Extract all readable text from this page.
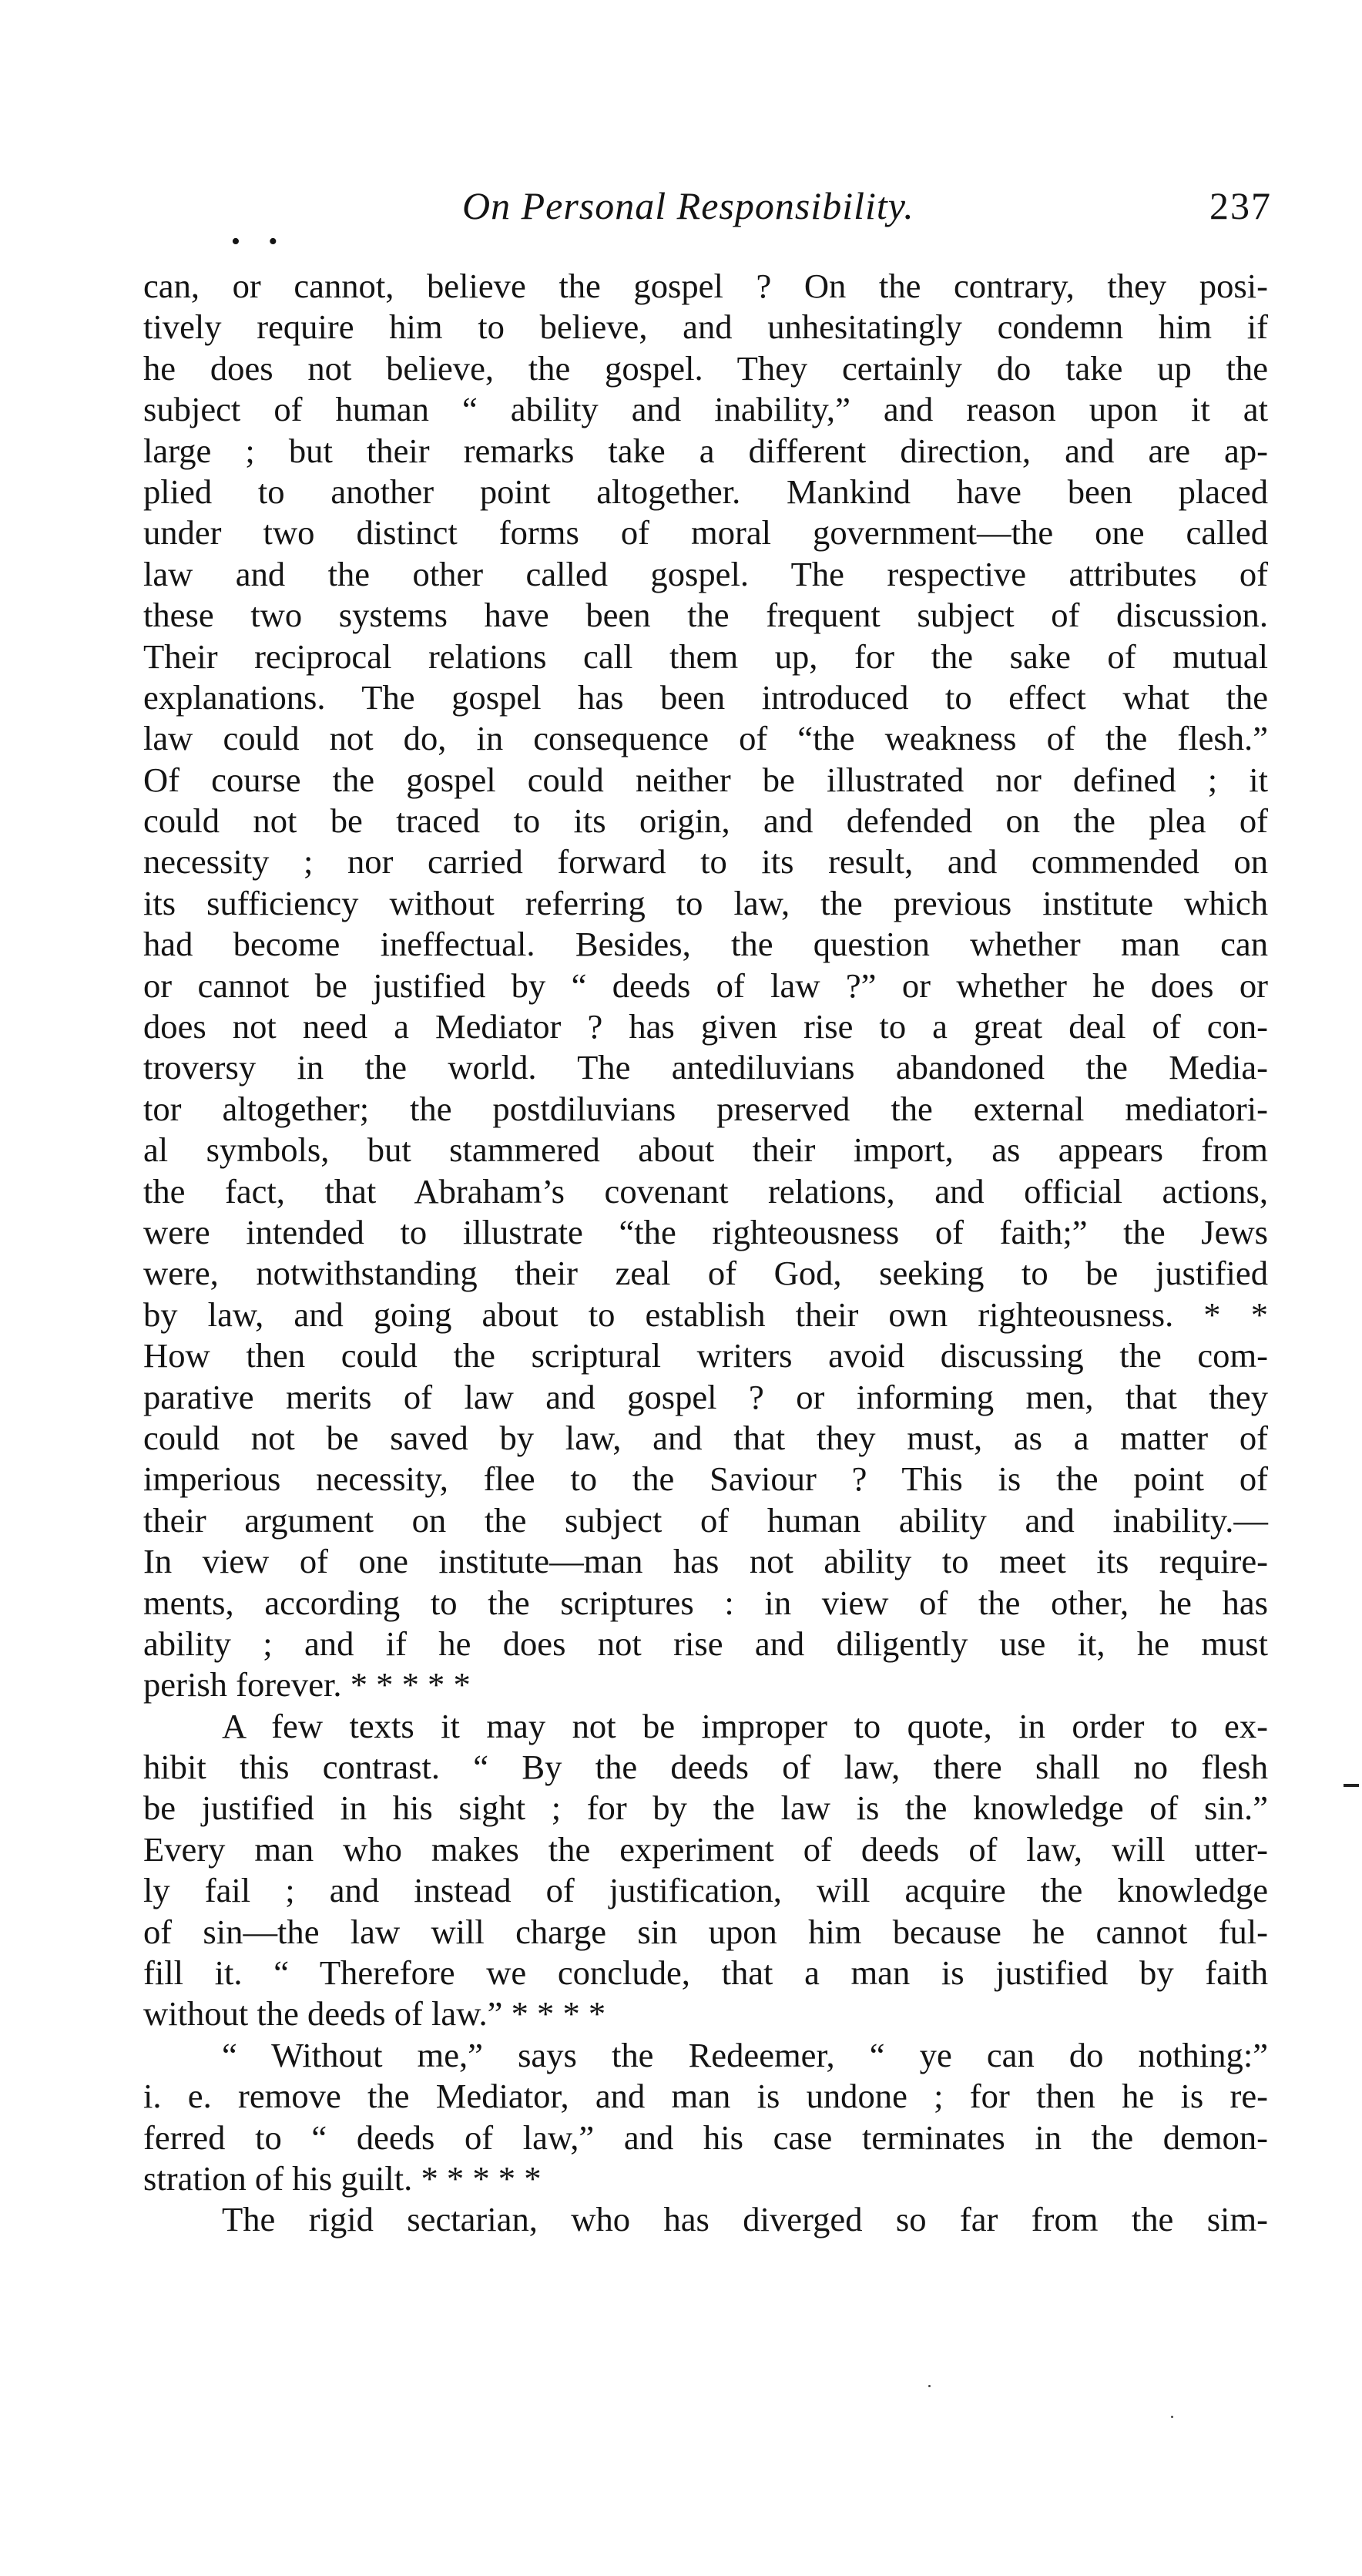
On Personal Responsibility.	237
• •
can, or cannot, believe the gospel ? On the contrary, they posi-
tively require him to believe, and unhesitatingly condemn him if
he does not believe, the gospel. They certainly do take up the
subject of human “ ability and inability,” and reason upon it at
large ; but their remarks take a different direction, and are ap-
plied to another point altogether. Mankind have been placed
under two distinct forms of moral government—the one called
law and the other called gospel. The respective attributes of
these two systems have been the frequent subject of discussion.
Their reciprocal relations call them up, for the sake of mutual
explanations. The gospel has been introduced to effect what the
law could not do, in consequence of “the weakness of the flesh.”
Of course the gospel could neither be illustrated nor defined ; it
could not be traced to its origin, and defended on the plea of
necessity ; nor carried forward to its result, and commended on
its sufficiency without referring to law, the previous institute which
had become ineffectual. Besides, the question whether man can
or cannot be justified by “ deeds of law ?” or whether he does or
does not need a Mediator ? has given rise to a great deal of con-
troversy in the world. The antediluvians abandoned the Media-
tor altogether; the postdiluvians preserved the external mediatori-
al symbols, but stammered about their import, as appears from
the fact, that Abraham’s covenant relations, and official actions,
were intended to illustrate “the righteousness of faith;” the Jews
were, notwithstanding their zeal of God, seeking to be justified
by law, and going about to establish their own righteousness. * *
How then could the scriptural writers avoid discussing the com-
parative merits of law and gospel ? or informing men, that they
could not be saved by law, and that they must, as a matter of
imperious necessity, flee to the Saviour ? This is the point of
their argument on the subject of human ability and inability.—
In view of one institute—man has not ability to meet its require-
ments, according to the scriptures : in view of the other, he has
ability ; and if he does not rise and diligently use it, he must
perish forever. * * * * *
A few texts it may not be improper to quote, in order to ex-
hibit this contrast. “ By the deeds of law, there shall no flesh
be justified in his sight ; for by the law is the knowledge of sin.”
Every man who makes the experiment of deeds of law, will utter-
ly fail ; and instead of justification, will acquire the knowledge
of sin—the law will charge sin upon him because he cannot ful-
fill it. “ Therefore we conclude, that a man is justified by faith
without the deeds of law.” * * * *
“ Without me,” says the Redeemer, “ ye can do nothing:”
i. e. remove the Mediator, and man is undone ; for then he is re-
ferred to “ deeds of law,” and his case terminates in the demon-
stration of his guilt. * * * * *
The rigid sectarian, who has diverged so far from the sim-
